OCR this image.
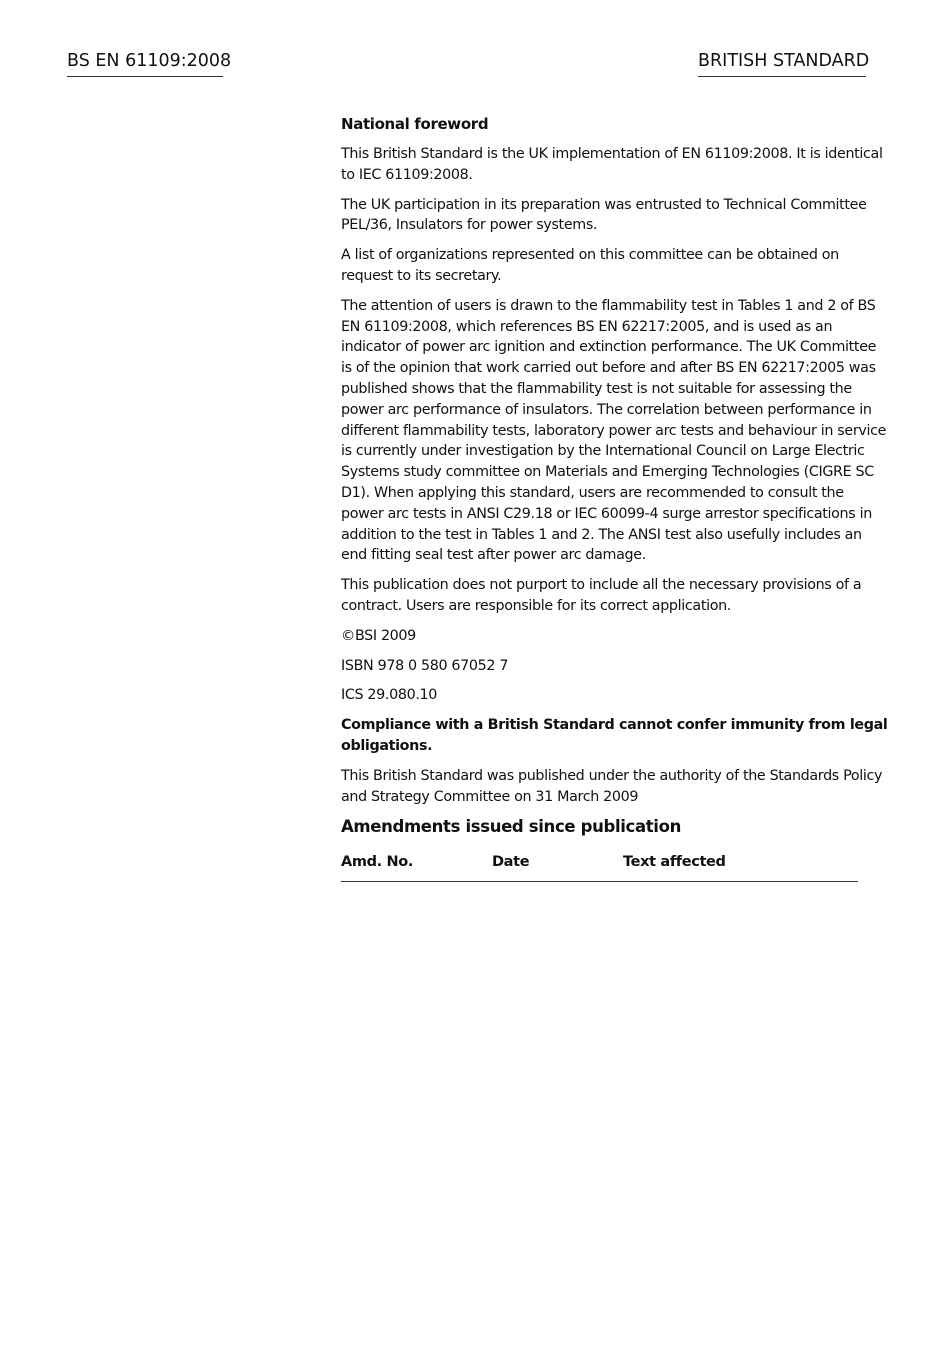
BS EN 61109:2008	BRITISH STANDARD
National foreword

This British Standard is the UK implementation of EN 61109:2008. It is identical to IEC 61109:2008.

The UK participation in its preparation was entrusted to Technical Committee PEL/36, Insulators for power systems.

A list of organizations represented on this committee can be obtained on request to its secretary.

The attention of users is drawn to the flammability test in Tables 1 and 2 of BS EN 61109:2008, which references BS EN 62217:2005, and is used as an indicator of power arc ignition and extinction performance. The UK Committee is of the opinion that work carried out before and after BS EN 62217:2005 was published shows that the flammability test is not suitable for assessing the power arc performance of insulators. The correlation between performance in different flammability tests, laboratory power arc tests and behaviour in service is currently under investigation by the International Council on Large Electric Systems study committee on Materials and Emerging Technologies (CIGRE SC D1). When applying this standard, users are recommended to consult the power arc tests in ANSI C29.18 or IEC 60099-4 surge arrestor specifications in addition to the test in Tables 1 and 2. The ANSI test also usefully includes an end fitting seal test after power arc damage.

This publication does not purport to include all the necessary provisions of a contract. Users are responsible for its correct application.

©BSI 2009

ISBN 978 0 580 67052 7

ICS 29.080.10

Compliance with a British Standard cannot confer immunity from legal obligations.

This British Standard was published under the authority of the Standards Policy and Strategy Committee on 31 March 2009

Amendments issued since publication
Amd. No.	Date	Text affected
